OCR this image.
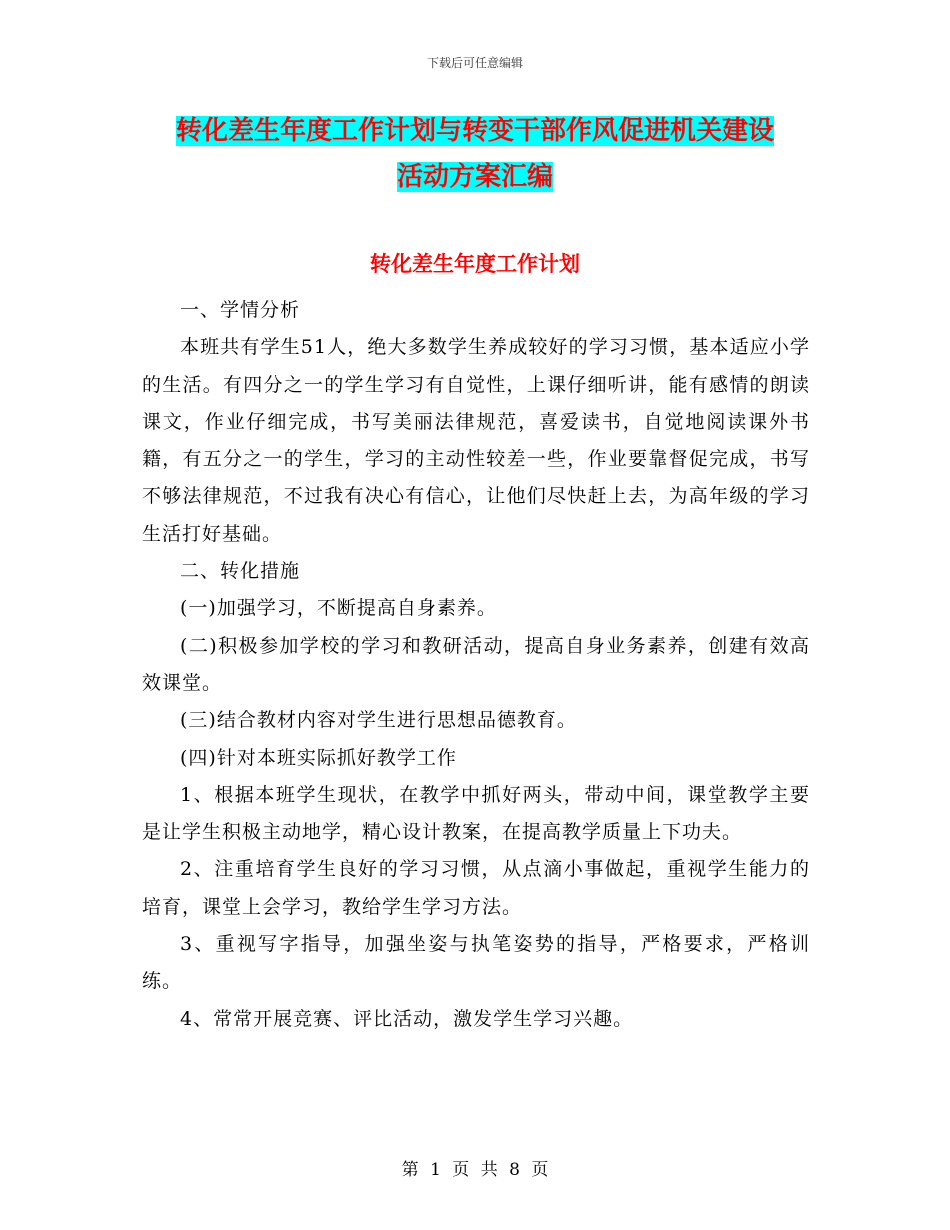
下载后可任意编辑
转化差生年度工作计划与转变干部作风促进机关建设
活动方案汇编
转化差生年度工作计划

一、学情分析

本班共有学生51人，绝大多数学生养成较好的学习习惯，基本适应小学的生活。有四分之一的学生学习有自觉性，上课仔细听讲，能有感情的朗读课文，作业仔细完成，书写美丽法律规范，喜爱读书，自觉地阅读课外书籍，有五分之一的学生，学习的主动性较差一些，作业要靠督促完成，书写不够法律规范，不过我有决心有信心，让他们尽快赶上去，为高年级的学习生活打好基础。

二、转化措施

(一)加强学习，不断提高自身素养。

(二)积极参加学校的学习和教研活动，提高自身业务素养，创建有效高效课堂。

(三)结合教材内容对学生进行思想品德教育。

(四)针对本班实际抓好教学工作

1、根据本班学生现状，在教学中抓好两头，带动中间，课堂教学主要是让学生积极主动地学，精心设计教案，在提高教学质量上下功夫。

2、注重培育学生良好的学习习惯，从点滴小事做起，重视学生能力的培育，课堂上会学习，教给学生学习方法。

3、重视写字指导，加强坐姿与执笔姿势的指导，严格要求，严格训练。

4、常常开展竞赛、评比活动，激发学生学习兴趣。

第 1 页 共 8 页
